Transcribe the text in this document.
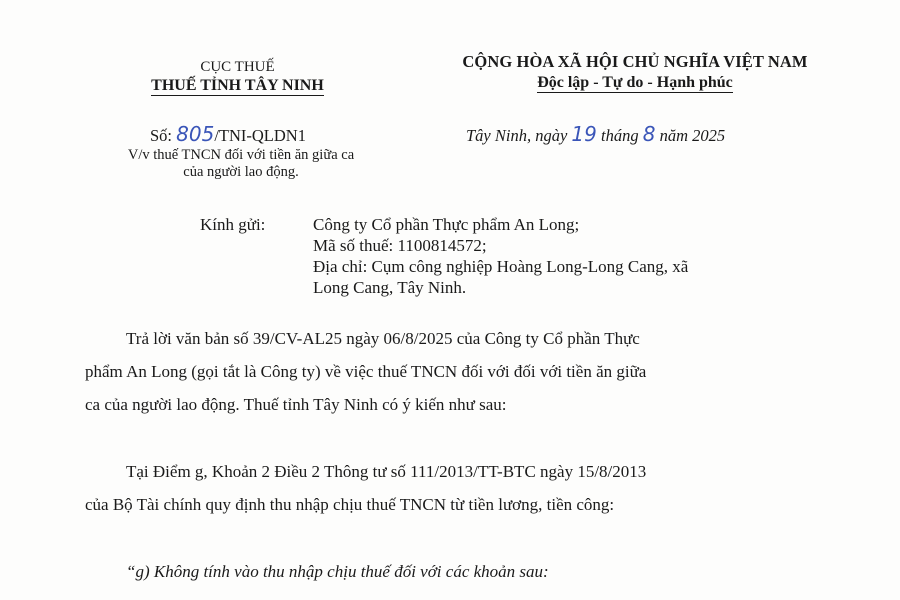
CỤC THUẾ
THUẾ TỈNH TÂY NINH
CỘNG HÒA XÃ HỘI CHỦ NGHĨA VIỆT NAM
Độc lập - Tự do - Hạnh phúc
Số: 805/TNI-QLDN1
V/v thuế TNCN đối với tiền ăn giữa ca
của người lao động.
Tây Ninh, ngày 19 tháng 8 năm 2025
Kính gửi:	Công ty Cổ phần Thực phẩm An Long;
Mã số thuế: 1100814572;
Địa chỉ: Cụm công nghiệp Hoàng Long-Long Cang, xã
Long Cang, Tây Ninh.
Trả lời văn bản số 39/CV-AL25 ngày 06/8/2025 của Công ty Cổ phần Thực
phẩm An Long (gọi tắt là Công ty) về việc thuế TNCN đối với đối với tiền ăn giữa
ca của người lao động. Thuế tỉnh Tây Ninh có ý kiến như sau:
Tại Điểm g, Khoản 2 Điều 2 Thông tư số 111/2013/TT-BTC ngày 15/8/2013
của Bộ Tài chính quy định thu nhập chịu thuế TNCN từ tiền lương, tiền công:
“g) Không tính vào thu nhập chịu thuế đối với các khoản sau:
